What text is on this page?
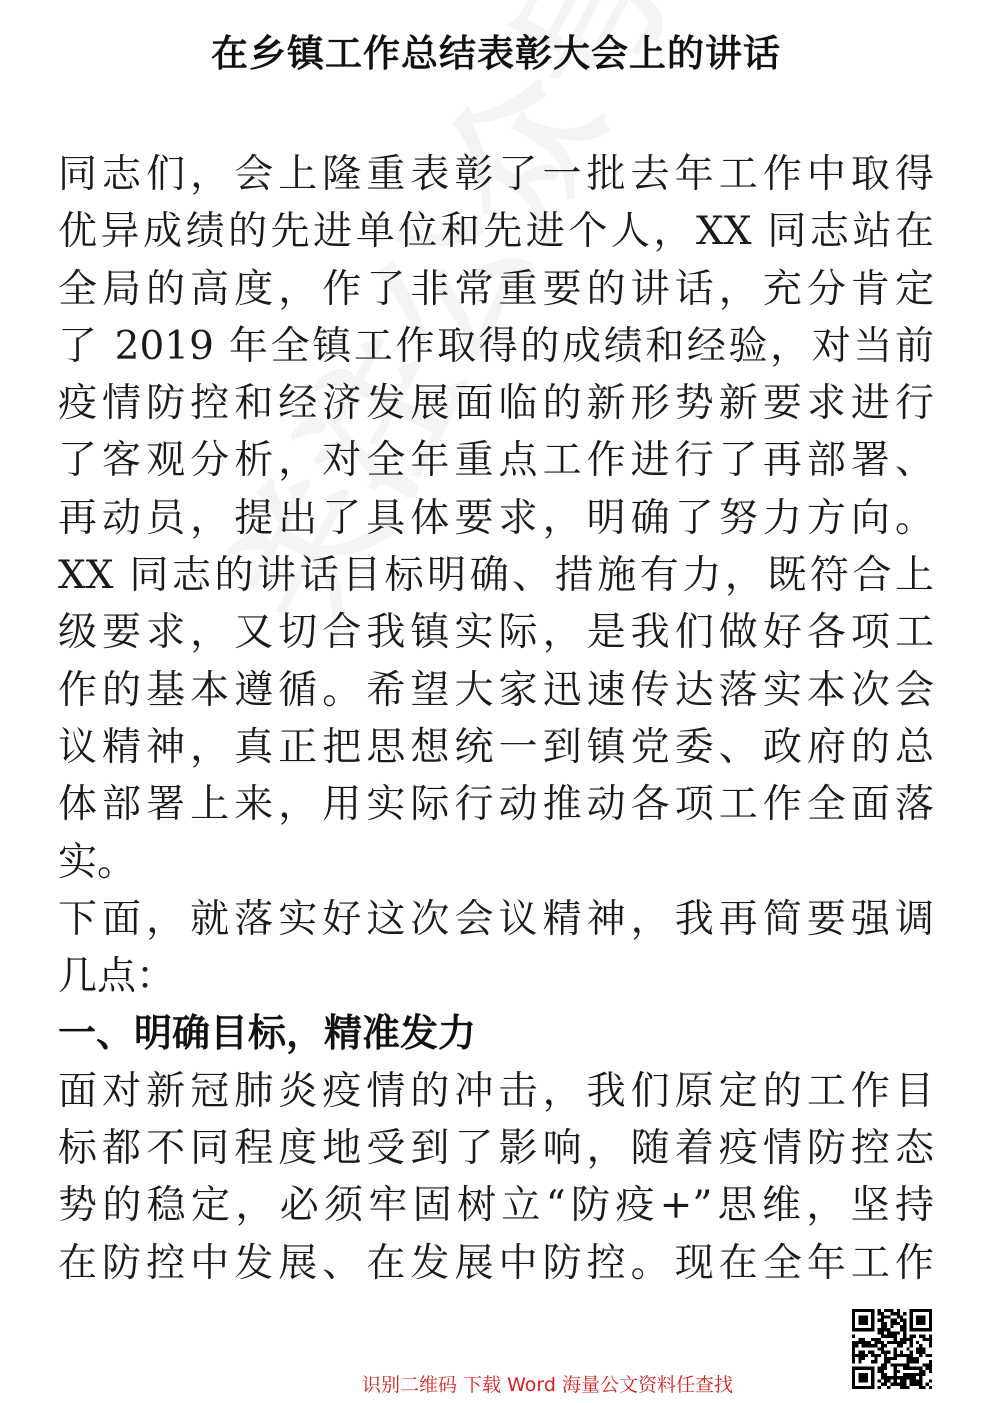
在乡镇工作总结表彰大会上的讲话
同志们，会上隆重表彰了一批去年工作中取得
优异成绩的先进单位和先进个人，XX 同志站在
全局的高度，作了非常重要的讲话，充分肯定
了 2019 年全镇工作取得的成绩和经验，对当前
疫情防控和经济发展面临的新形势新要求进行
了客观分析，对全年重点工作进行了再部署、
再动员，提出了具体要求，明确了努力方向。
XX 同志的讲话目标明确、措施有力，既符合上
级要求，又切合我镇实际，是我们做好各项工
作的基本遵循。希望大家迅速传达落实本次会
议精神，真正把思想统一到镇党委、政府的总
体部署上来，用实际行动推动各项工作全面落
实。
下面，就落实好这次会议精神，我再简要强调
几点：
一、明确目标，精准发力
面对新冠肺炎疫情的冲击，我们原定的工作目
标都不同程度地受到了影响，随着疫情防控态
势的稳定，必须牢固树立“防疫+”思维，坚持
在防控中发展、在发展中防控。现在全年工作
识别二维码 下载 Word 海量公文资料任查找
